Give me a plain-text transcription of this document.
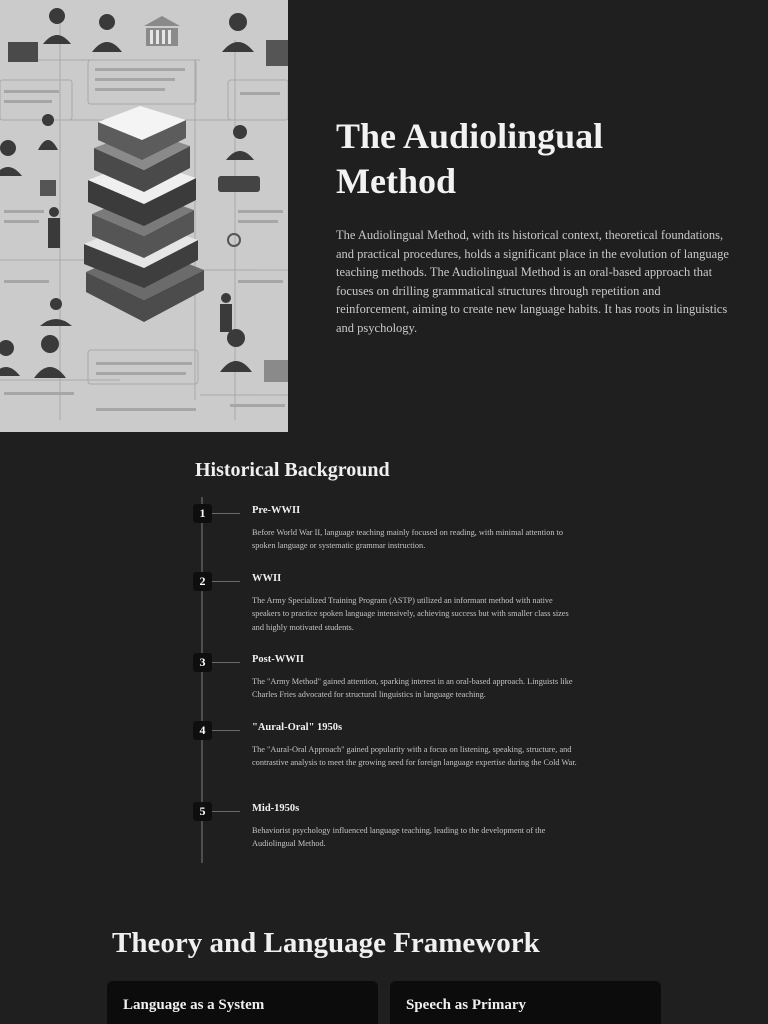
The Audiolingual Method

The Audiolingual Method, with its historical context, theoretical foundations, and practical procedures, holds a significant place in the evolution of language teaching methods. The Audiolingual Method is an oral-based approach that focuses on drilling grammatical structures through repetition and reinforcement, aiming to create new language habits. It has roots in linguistics and psychology.

Historical Background
1	Pre-WWII
Before World War II, language teaching mainly focused on reading, with minimal attention to spoken language or systematic grammar instruction.
2	WWII
The Army Specialized Training Program (ASTP) utilized an informant method with native speakers to practice spoken language intensively, achieving success but with smaller class sizes and highly motivated students.
3	Post-WWII
The "Army Method" gained attention, sparking interest in an oral-based approach. Linguists like Charles Fries advocated for structural linguistics in language teaching.
4	"Aural-Oral" 1950s
The "Aural-Oral Approach" gained popularity with a focus on listening, speaking, structure, and contrastive analysis to meet the growing need for foreign language expertise during the Cold War.
5	Mid-1950s
Behaviorist psychology influenced language teaching, leading to the development of the Audiolingual Method.
Theory and Language Framework
Language as a System	Speech as Primary
